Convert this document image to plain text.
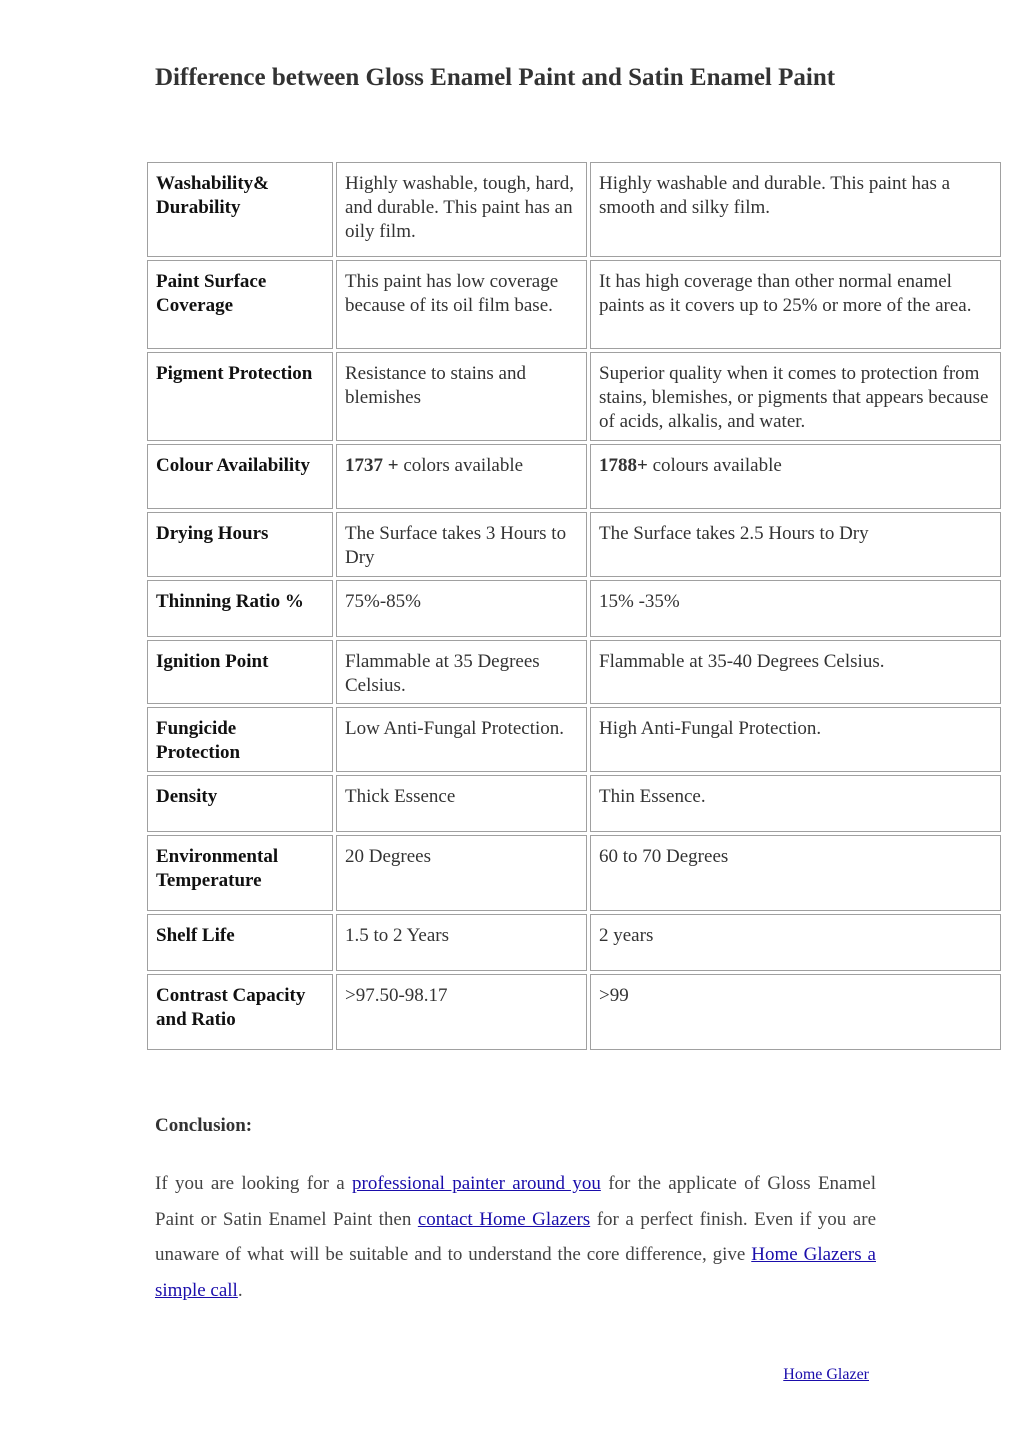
Difference between Gloss Enamel Paint and Satin Enamel Paint
Washability& Durability	Highly washable, tough, hard, and durable. This paint has an oily film.	Highly washable and durable. This paint has a smooth and silky film.
Paint Surface Coverage	This paint has low coverage because of its oil film base.	It has high coverage than other normal enamel paints as it covers up to 25% or more of the area.
Pigment Protection	Resistance to stains and blemishes	Superior quality when it comes to protection from stains, blemishes, or pigments that appears because of acids, alkalis, and water.
Colour Availability	1737 + colors available	1788+ colours available
Drying Hours	The Surface takes 3 Hours to Dry	The Surface takes 2.5 Hours to Dry
Thinning Ratio %	75%-85%	15% -35%
Ignition Point	Flammable at 35 Degrees Celsius.	Flammable at 35-40 Degrees Celsius.
Fungicide Protection	Low Anti-Fungal Protection.	High Anti-Fungal Protection.
Density	Thick Essence	Thin Essence.
Environmental Temperature	20 Degrees	60 to 70 Degrees
Shelf Life	1.5 to 2 Years	2 years
Contrast Capacity and Ratio	>97.50-98.17	>99
Conclusion:

If you are looking for a professional painter around you for the applicate of Gloss Enamel Paint or Satin Enamel Paint then contact Home Glazers for a perfect finish. Even if you are unaware of what will be suitable and to understand the core difference, give Home Glazers a simple call.

Home Glazer
